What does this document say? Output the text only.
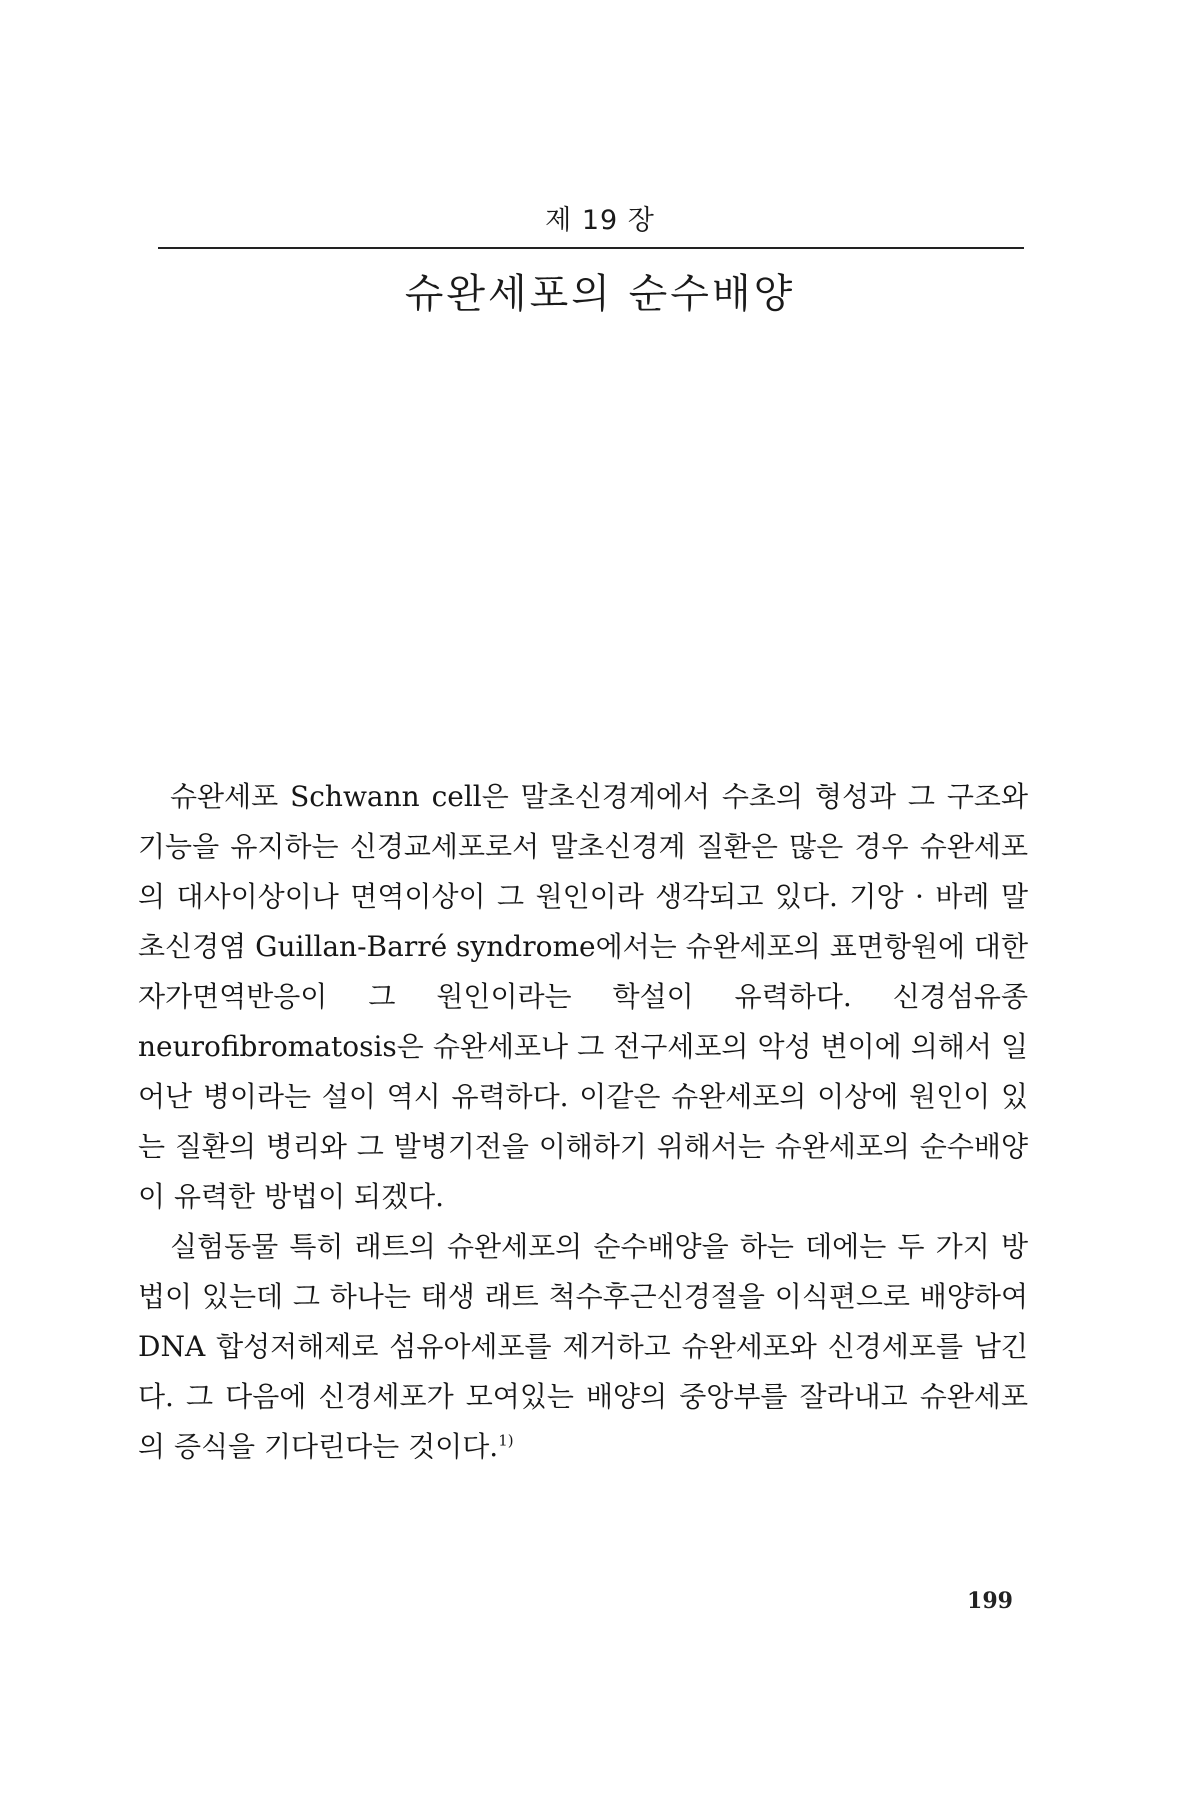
제 19 장
슈완세포의 순수배양

슈완세포 Schwann cell은 말초신경계에서 수초의 형성과 그 구조와 기능을 유지하는 신경교세포로서 말초신경계 질환은 많은 경우 슈완세포의 대사이상이나 면역이상이 그 원인이라 생각되고 있다. 기앙 · 바레 말초신경염 Guillan-Barré syndrome에서는 슈완세포의 표면항원에 대한 자가면역반응이 그 원인이라는 학설이 유력하다. 신경섬유종 neurofibromatosis은 슈완세포나 그 전구세포의 악성 변이에 의해서 일어난 병이라는 설이 역시 유력하다. 이같은 슈완세포의 이상에 원인이 있는 질환의 병리와 그 발병기전을 이해하기 위해서는 슈완세포의 순수배양이 유력한 방법이 되겠다.

실험동물 특히 래트의 슈완세포의 순수배양을 하는 데에는 두 가지 방법이 있는데 그 하나는 태생 래트 척수후근신경절을 이식편으로 배양하여 DNA 합성저해제로 섬유아세포를 제거하고 슈완세포와 신경세포를 남긴다. 그 다음에 신경세포가 모여있는 배양의 중앙부를 잘라내고 슈완세포의 증식을 기다린다는 것이다.$^{1)}$

199
